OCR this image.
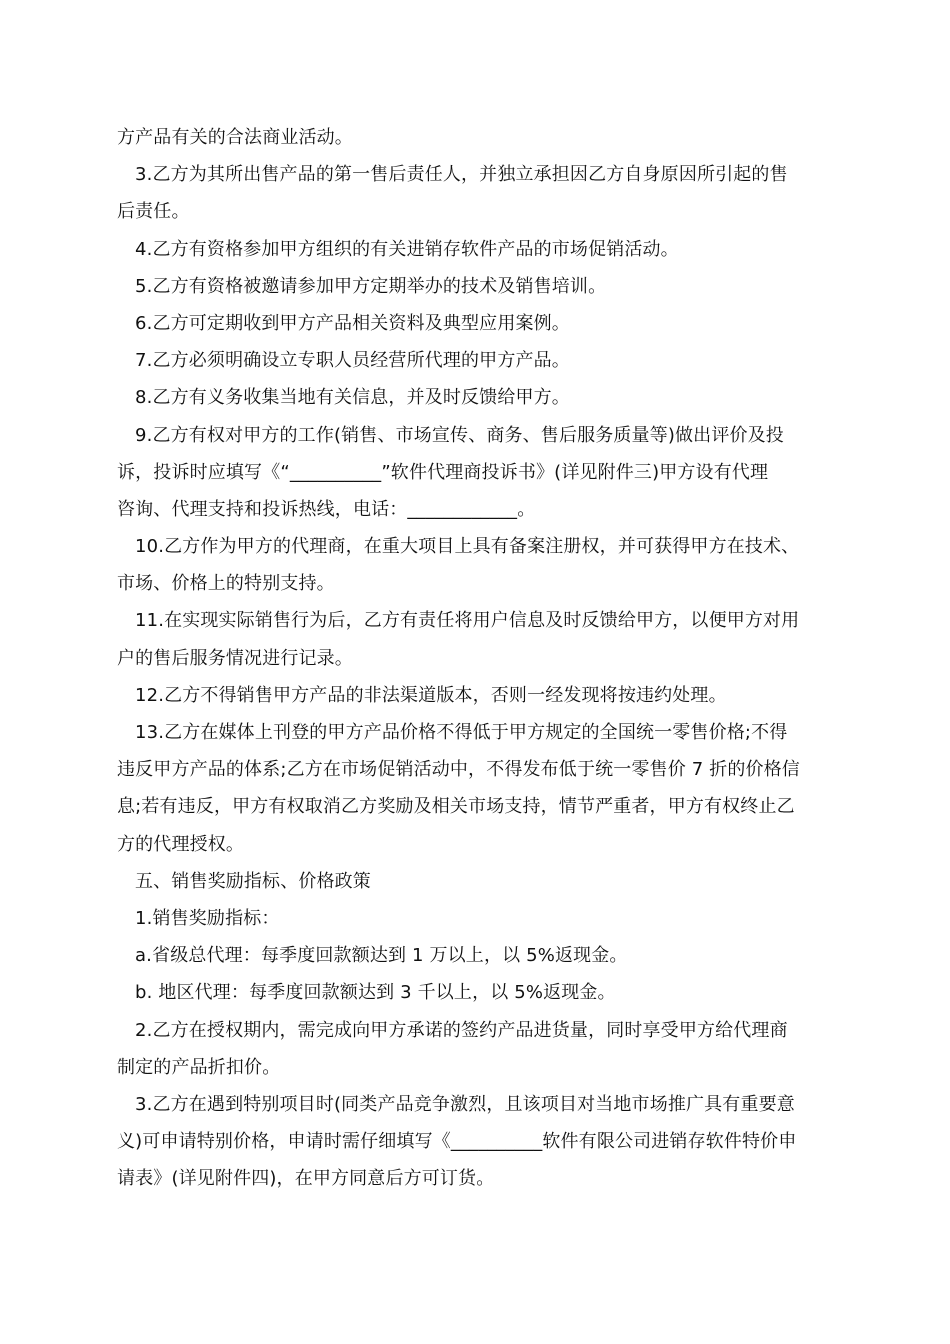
方产品有关的合法商业活动。
3.乙方为其所出售产品的第一售后责任人，并独立承担因乙方自身原因所引起的售
后责任。
4.乙方有资格参加甲方组织的有关进销存软件产品的市场促销活动。
5.乙方有资格被邀请参加甲方定期举办的技术及销售培训。
6.乙方可定期收到甲方产品相关资料及典型应用案例。
7.乙方必须明确设立专职人员经营所代理的甲方产品。
8.乙方有义务收集当地有关信息，并及时反馈给甲方。
9.乙方有权对甲方的工作(销售、市场宣传、商务、售后服务质量等)做出评价及投
诉，投诉时应填写《“__________”软件代理商投诉书》(详见附件三)甲方设有代理
咨询、代理支持和投诉热线，电话：____________。
10.乙方作为甲方的代理商，在重大项目上具有备案注册权，并可获得甲方在技术、
市场、价格上的特别支持。
11.在实现实际销售行为后，乙方有责任将用户信息及时反馈给甲方，以便甲方对用
户的售后服务情况进行记录。
12.乙方不得销售甲方产品的非法渠道版本，否则一经发现将按违约处理。
13.乙方在媒体上刊登的甲方产品价格不得低于甲方规定的全国统一零售价格;不得
违反甲方产品的体系;乙方在市场促销活动中，不得发布低于统一零售价 7 折的价格信
息;若有违反，甲方有权取消乙方奖励及相关市场支持，情节严重者，甲方有权终止乙
方的代理授权。
五、销售奖励指标、价格政策
1.销售奖励指标：
a.省级总代理：每季度回款额达到 1 万以上，以 5%返现金。
b. 地区代理：每季度回款额达到 3 千以上，以 5%返现金。
2.乙方在授权期内，需完成向甲方承诺的签约产品进货量，同时享受甲方给代理商
制定的产品折扣价。
3.乙方在遇到特别项目时(同类产品竞争激烈，且该项目对当地市场推广具有重要意
义)可申请特别价格，申请时需仔细填写《__________软件有限公司进销存软件特价申
请表》(详见附件四)，在甲方同意后方可订货。
